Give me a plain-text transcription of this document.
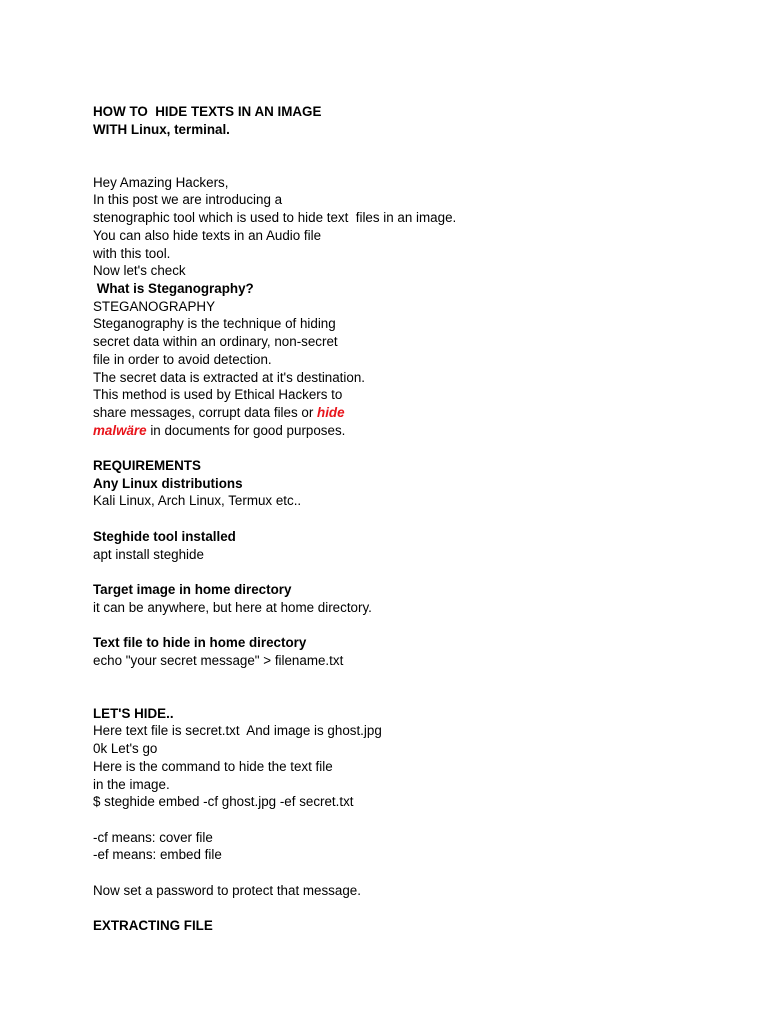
HOW TO  HIDE TEXTS IN AN IMAGE
WITH Linux, terminal.
Hey Amazing Hackers,
In this post we are introducing a
stenographic tool which is used to hide text  files in an image.
You can also hide texts in an Audio file
with this tool.
Now let's check
What is Steganography?
STEGANOGRAPHY
Steganography is the technique of hiding
secret data within an ordinary, non-secret
file in order to avoid detection.
The secret data is extracted at it's destination.
This method is used by Ethical Hackers to
share messages, corrupt data files or hide
malwäre in documents for good purposes.
REQUIREMENTS
Any Linux distributions
Kali Linux, Arch Linux, Termux etc..
Steghide tool installed
apt install steghide
Target image in home directory
it can be anywhere, but here at home directory.
Text file to hide in home directory
echo "your secret message" > filename.txt
LET'S HIDE..
Here text file is secret.txt  And image is ghost.jpg
0k Let's go
Here is the command to hide the text file
in the image.
$ steghide embed -cf ghost.jpg -ef secret.txt
-cf means: cover file
-ef means: embed file
Now set a password to protect that message.
EXTRACTING FILE
